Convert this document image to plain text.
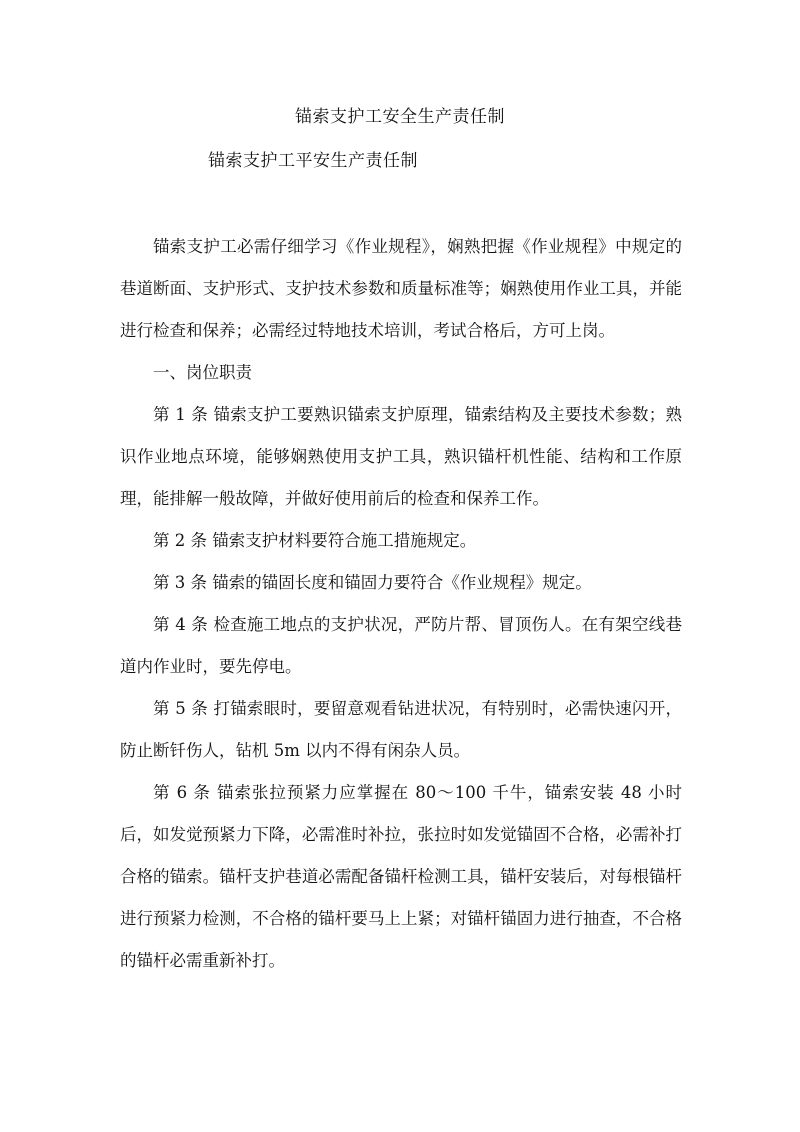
锚索支护工安全生产责任制
锚索支护工平安生产责任制

锚索支护工必需仔细学习《作业规程》，娴熟把握《作业规程》中规定的巷道断面、支护形式、支护技术参数和质量标准等；娴熟使用作业工具，并能进行检查和保养；必需经过特地技术培训，考试合格后，方可上岗。

一、岗位职责

第 1 条 锚索支护工要熟识锚索支护原理，锚索结构及主要技术参数；熟识作业地点环境，能够娴熟使用支护工具，熟识锚杆机性能、结构和工作原理，能排解一般故障，并做好使用前后的检查和保养工作。

第 2 条 锚索支护材料要符合施工措施规定。

第 3 条 锚索的锚固长度和锚固力要符合《作业规程》规定。

第 4 条 检查施工地点的支护状况，严防片帮、冒顶伤人。在有架空线巷道内作业时，要先停电。

第 5 条 打锚索眼时，要留意观看钻进状况，有特别时，必需快速闪开，防止断钎伤人，钻机 5m 以内不得有闲杂人员。

第 6 条 锚索张拉预紧力应掌握在 80～100 千牛，锚索安装 48 小时后，如发觉预紧力下降，必需准时补拉，张拉时如发觉锚固不合格，必需补打合格的锚索。锚杆支护巷道必需配备锚杆检测工具，锚杆安装后，对每根锚杆进行预紧力检测，不合格的锚杆要马上上紧；对锚杆锚固力进行抽查，不合格的锚杆必需重新补打。
